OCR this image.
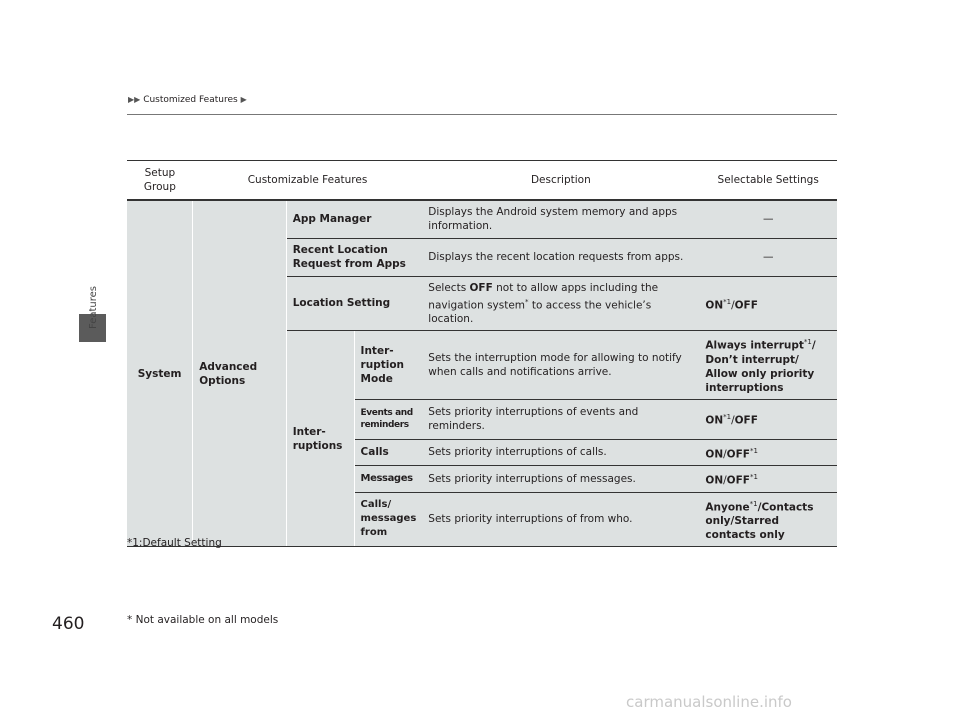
Features
▶▶ Customized Features ▶
Setup Group	Customizable Features			Description	Selectable Settings
System	Advanced Options	App Manager		Displays the Android system memory and apps information.	—
		Recent Location Request from Apps		Displays the recent location requests from apps.	—
		Location Setting		Selects OFF not to allow apps including the navigation system* to access the vehicle’s location.	ON$^{*1}$/OFF
		Inter-ruptions	Inter-ruption Mode	Sets the interruption mode for allowing to notify when calls and notifications arrive.	Always interrupt$^{*1}$/ Don’t interrupt/ Allow only priority interruptions
			Events and reminders	Sets priority interruptions of events and reminders.	ON$^{*1}$/OFF
			Calls	Sets priority interruptions of calls.	ON/OFF$^{*1}$
			Messages	Sets priority interruptions of messages.	ON/OFF$^{*1}$
			Calls/ messages from	Sets priority interruptions of from who.	Anyone$^{*1}$/Contacts only/Starred contacts only
*1:Default Setting
460	* Not available on all models
carmanualsonline.info
